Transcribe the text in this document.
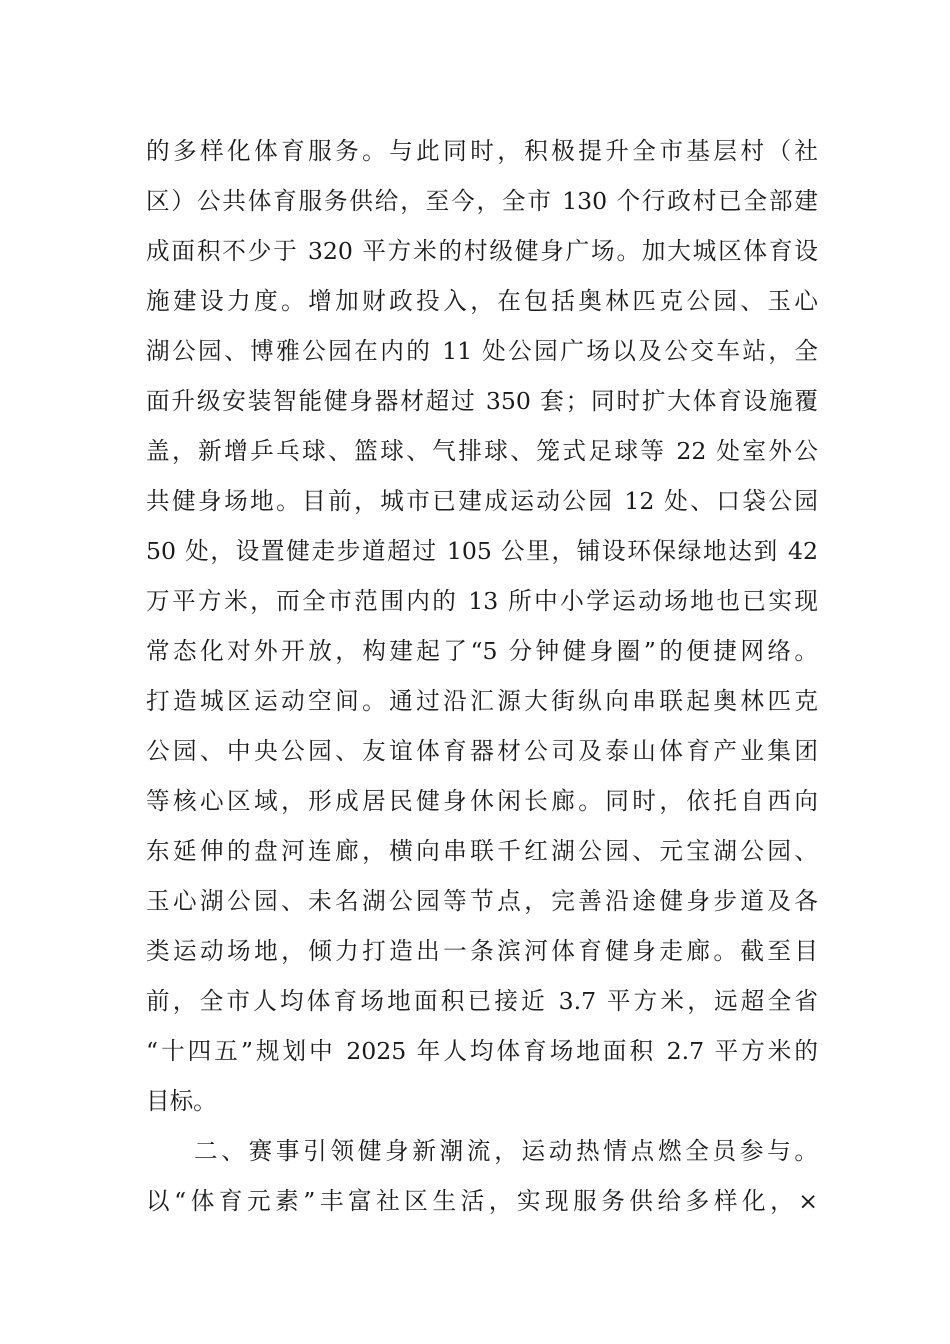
的多样化体育服务。与此同时，积极提升全市基层村（社
区）公共体育服务供给，至今，全市 130 个行政村已全部建
成面积不少于 320 平方米的村级健身广场。加大城区体育设
施建设力度。增加财政投入，在包括奥林匹克公园、玉心
湖公园、博雅公园在内的 11 处公园广场以及公交车站，全
面升级安装智能健身器材超过 350 套；同时扩大体育设施覆
盖，新增乒乓球、篮球、气排球、笼式足球等 22 处室外公
共健身场地。目前，城市已建成运动公园 12 处、口袋公园
50 处，设置健走步道超过 105 公里，铺设环保绿地达到 42
万平方米，而全市范围内的 13 所中小学运动场地也已实现
常态化对外开放，构建起了“5 分钟健身圈”的便捷网络。
打造城区运动空间。通过沿汇源大街纵向串联起奥林匹克
公园、中央公园、友谊体育器材公司及泰山体育产业集团
等核心区域，形成居民健身休闲长廊。同时，依托自西向
东延伸的盘河连廊，横向串联千红湖公园、元宝湖公园、
玉心湖公园、未名湖公园等节点，完善沿途健身步道及各
类运动场地，倾力打造出一条滨河体育健身走廊。截至目
前，全市人均体育场地面积已接近 3.7 平方米，远超全省
“十四五”规划中 2025 年人均体育场地面积 2.7 平方米的
目标。
二、赛事引领健身新潮流，运动热情点燃全员参与。
以“体育元素”丰富社区生活，实现服务供给多样化，×
